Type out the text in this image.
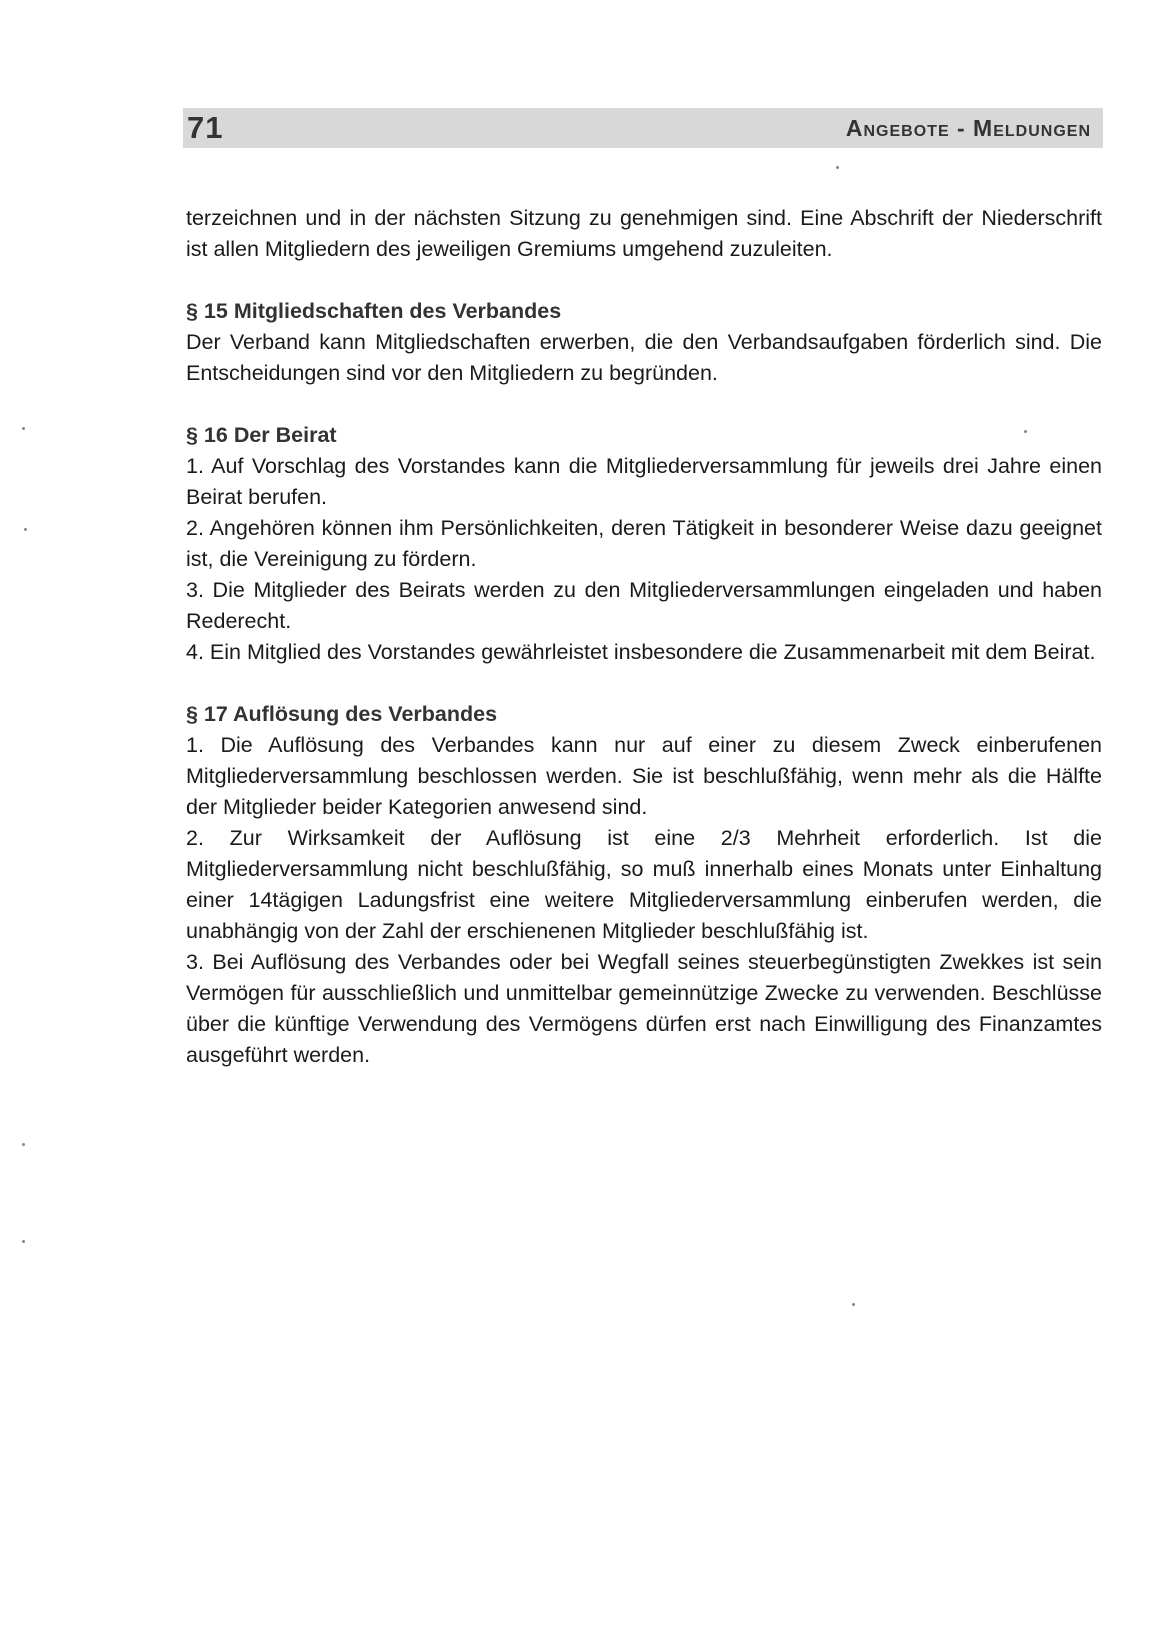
71	Angebote - Meldungen

terzeichnen und in der nächsten Sitzung zu genehmigen sind. Eine Abschrift der Niederschrift ist allen Mitgliedern des jeweiligen Gremiums umgehend zuzuleiten.

§ 15 Mitgliedschaften des Verbandes

Der Verband kann Mitgliedschaften erwerben, die den Verbandsaufgaben förderlich sind. Die Entscheidungen sind vor den Mitgliedern zu begründen.

§ 16 Der Beirat

1. Auf Vorschlag des Vorstandes kann die Mitgliederversammlung für jeweils drei Jahre einen Beirat berufen.

2. Angehören können ihm Persönlichkeiten, deren Tätigkeit in besonderer Weise dazu geeignet ist, die Vereinigung zu fördern.

3. Die Mitglieder des Beirats werden zu den Mitgliederversammlungen eingeladen und haben Rederecht.

4. Ein Mitglied des Vorstandes gewährleistet insbesondere die Zusammenarbeit mit dem Beirat.

§ 17 Auflösung des Verbandes

1. Die Auflösung des Verbandes kann nur auf einer zu diesem Zweck einberufenen Mitgliederversammlung beschlossen werden. Sie ist beschlußfähig, wenn mehr als die Hälfte der Mitglieder beider Kategorien anwesend sind.

2. Zur Wirksamkeit der Auflösung ist eine 2/3 Mehrheit erforderlich. Ist die Mitgliederversammlung nicht beschlußfähig, so muß innerhalb eines Monats unter Einhaltung einer 14tägigen Ladungsfrist eine weitere Mitgliederversammlung einberufen werden, die unabhängig von der Zahl der erschienenen Mitglieder beschlußfähig ist.

3. Bei Auflösung des Verbandes oder bei Wegfall seines steuerbegünstigten Zwekkes ist sein Vermögen für ausschließlich und unmittelbar gemeinnützige Zwecke zu verwenden. Beschlüsse über die künftige Verwendung des Vermögens dürfen erst nach Einwilligung des Finanzamtes ausgeführt werden.
